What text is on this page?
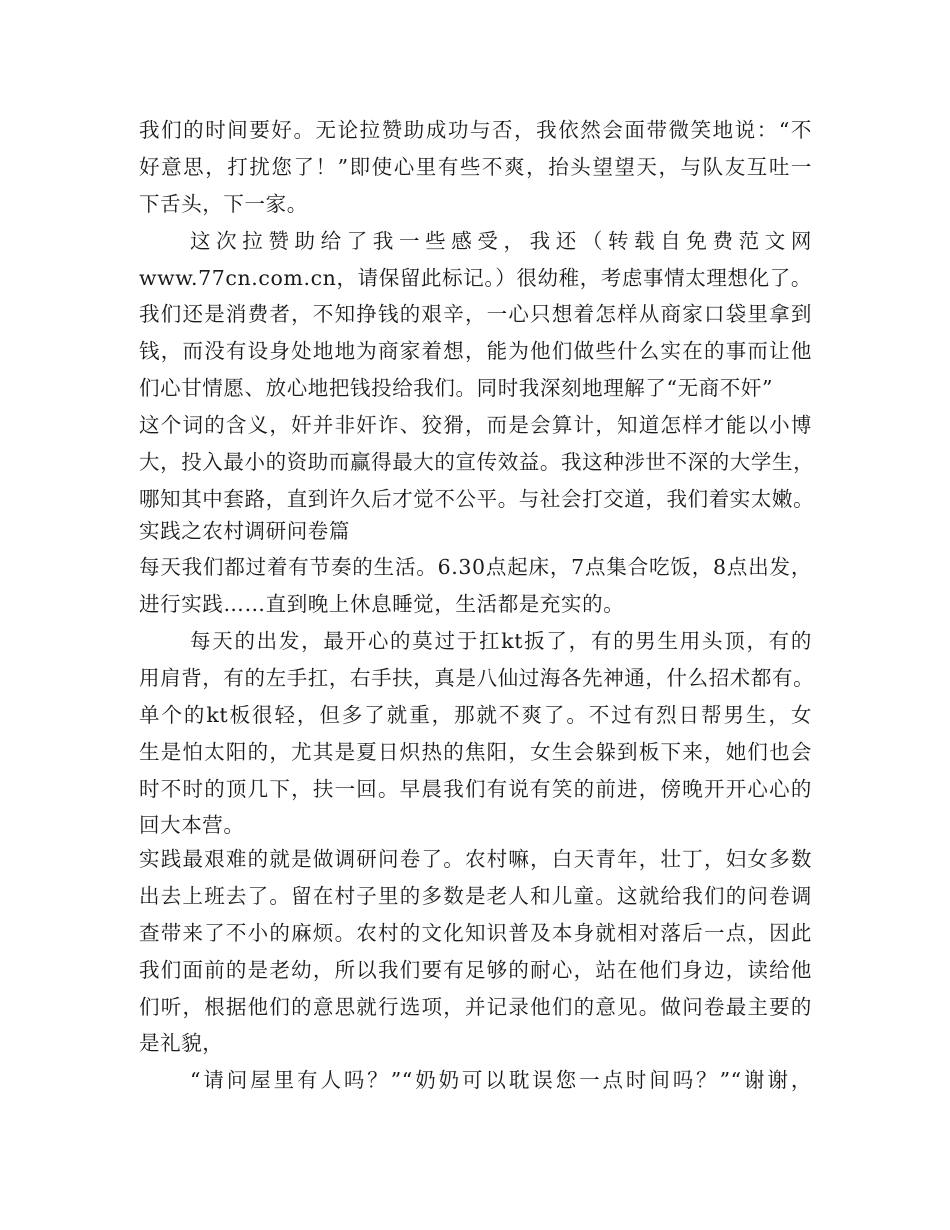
我们的时间要好。无论拉赞助成功与否，我依然会面带微笑地说：“不
好意思，打扰您了！”即使心里有些不爽，抬头望望天，与队友互吐一
下舌头，下一家。
这次拉赞助给了我一些感受，我还（转载自免费范文网
www.77cn.com.cn，请保留此标记。）很幼稚，考虑事情太理想化了。
我们还是消费者，不知挣钱的艰辛，一心只想着怎样从商家口袋里拿到
钱，而没有设身处地地为商家着想，能为他们做些什么实在的事而让他
们心甘情愿、放心地把钱投给我们。同时我深刻地理解了“无商不奸”
这个词的含义，奸并非奸诈、狡猾，而是会算计，知道怎样才能以小博
大，投入最小的资助而赢得最大的宣传效益。我这种涉世不深的大学生，
哪知其中套路，直到许久后才觉不公平。与社会打交道，我们着实太嫩。
实践之农村调研问卷篇
每天我们都过着有节奏的生活。6.30点起床，7点集合吃饭，8点出发，
进行实践……直到晚上休息睡觉，生活都是充实的。
每天的出发，最开心的莫过于扛kt扳了，有的男生用头顶，有的
用肩背，有的左手扛，右手扶，真是八仙过海各先神通，什么招术都有。
单个的kt板很轻，但多了就重，那就不爽了。不过有烈日帮男生，女
生是怕太阳的，尤其是夏日炽热的焦阳，女生会躲到板下来，她们也会
时不时的顶几下，扶一回。早晨我们有说有笑的前进，傍晚开开心心的
回大本营。
实践最艰难的就是做调研问卷了。农村嘛，白天青年，壮丁，妇女多数
出去上班去了。留在村子里的多数是老人和儿童。这就给我们的问卷调
查带来了不小的麻烦。农村的文化知识普及本身就相对落后一点，因此
我们面前的是老幼，所以我们要有足够的耐心，站在他们身边，读给他
们听，根据他们的意思就行选项，并记录他们的意见。做问卷最主要的
是礼貌，
“请问屋里有人吗？”“奶奶可以耽误您一点时间吗？”“谢谢，
